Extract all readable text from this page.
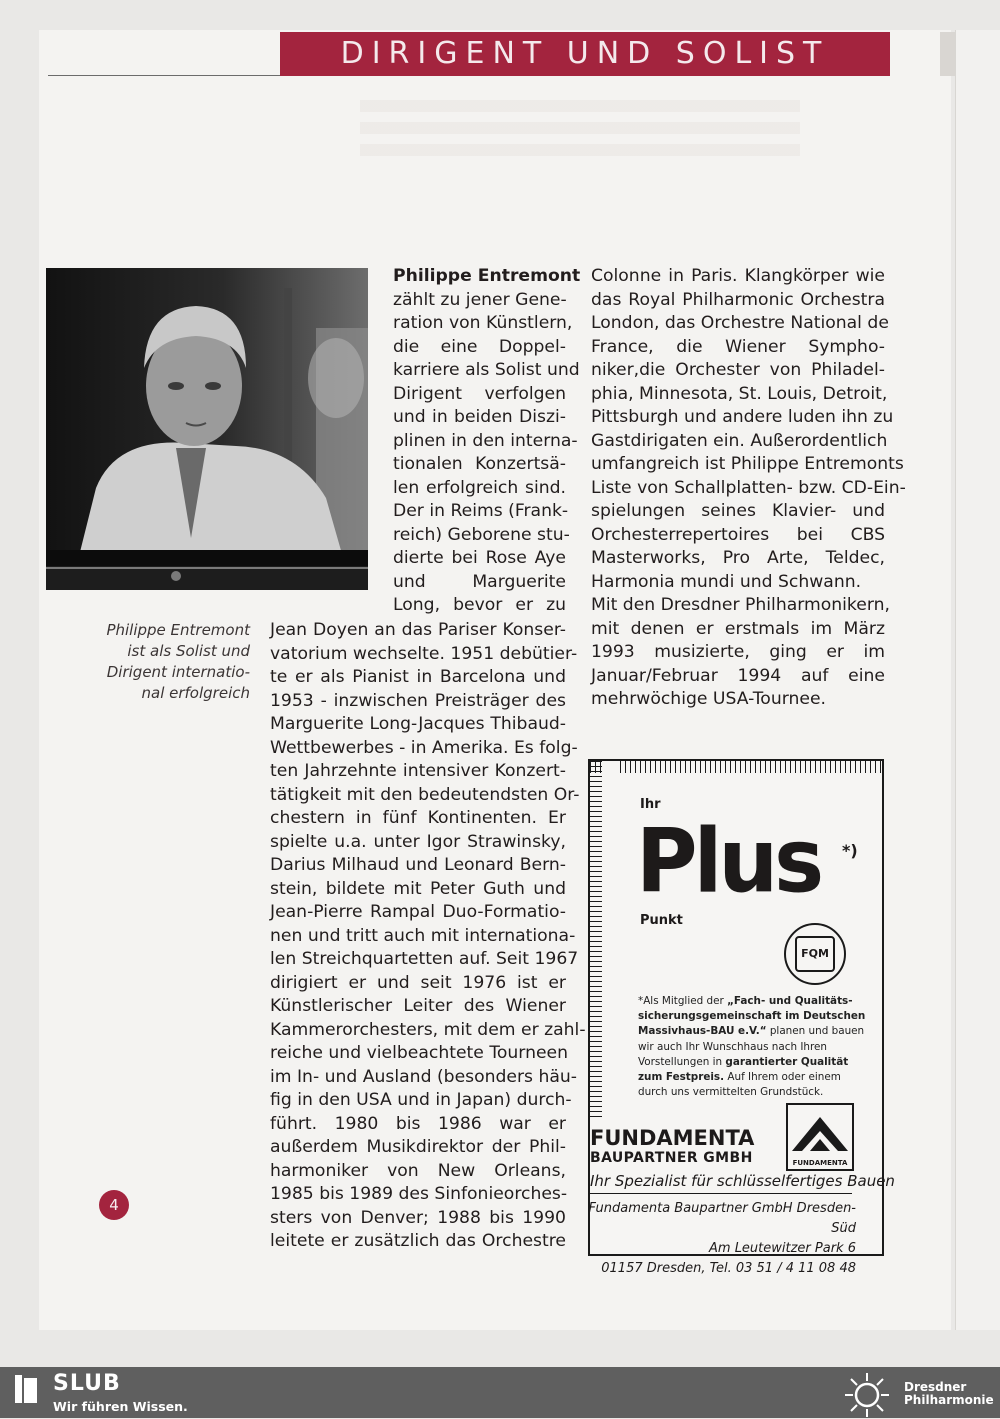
DIRIGENT UND SOLIST
Philippe Entremont
ist als Solist und
Dirigent internatio-
nal erfolgreich
Philippe Entremont
zählt zu jener Gene-
ration von Künstlern,
die eine Doppel-
karriere als Solist und
Dirigent verfolgen
und in beiden Diszi-
plinen in den interna-
tionalen Konzertsä-
len erfolgreich sind.
Der in Reims (Frank-
reich) Geborene stu-
dierte bei Rose Aye
und Marguerite
Long, bevor er zu
Jean Doyen an das Pariser Konser-
vatorium wechselte. 1951 debütier-
te er als Pianist in Barcelona und
1953 - inzwischen Preisträger des
Marguerite Long-Jacques Thibaud-
Wettbewerbes - in Amerika. Es folg-
ten Jahrzehnte intensiver Konzert-
tätigkeit mit den bedeutendsten Or-
chestern in fünf Kontinenten. Er
spielte u.a. unter Igor Strawinsky,
Darius Milhaud und Leonard Bern-
stein, bildete mit Peter Guth und
Jean-Pierre Rampal Duo-Formatio-
nen und tritt auch mit internationa-
len Streichquartetten auf. Seit 1967
dirigiert er und seit 1976 ist er
Künstlerischer Leiter des Wiener
Kammerorchesters, mit dem er zahl-
reiche und vielbeachtete Tourneen
im In- und Ausland (besonders häu-
fig in den USA und in Japan) durch-
führt. 1980 bis 1986 war er
außerdem Musikdirektor der Phil-
harmoniker von New Orleans,
1985 bis 1989 des Sinfonieorches-
sters von Denver; 1988 bis 1990
leitete er zusätzlich das Orchestre
Colonne in Paris. Klangkörper wie
das Royal Philharmonic Orchestra
London, das Orchestre National de
France, die Wiener Sympho-
niker,die Orchester von Philadel-
phia, Minnesota, St. Louis, Detroit,
Pittsburgh und andere luden ihn zu
Gastdirigaten ein. Außerordentlich
umfangreich ist Philippe Entremonts
Liste von Schallplatten- bzw. CD-Ein-
spielungen seines Klavier- und
Orchesterrepertoires bei CBS
Masterworks, Pro Arte, Teldec,
Harmonia mundi und Schwann.
Mit den Dresdner Philharmonikern,
mit denen er erstmals im März
1993 musizierte, ging er im
Januar/Februar 1994 auf eine
mehrwöchige USA-Tournee.
4
Ihr
Plus *)
Punkt
FQM
*Als Mitglied der „Fach- und Qualitäts-sicherungsgemeinschaft im Deutschen Massivhaus-BAU e.V.“ planen und bauen wir auch Ihr Wunschhaus nach Ihren Vorstellungen in garantierter Qualität zum Festpreis. Auf Ihrem oder einem durch uns vermittelten Grundstück.
FUNDAMENTA
BAUPARTNER GMBH	FUNDAMENTA
Ihr Spezialist für schlüsselfertiges Bauen
Fundamenta Baupartner GmbH Dresden-Süd
Am Leutewitzer Park 6
01157 Dresden, Tel. 03 51 / 4 11 08 48
SLUB
Wir führen Wissen.
Dresdner
Philharmonie
